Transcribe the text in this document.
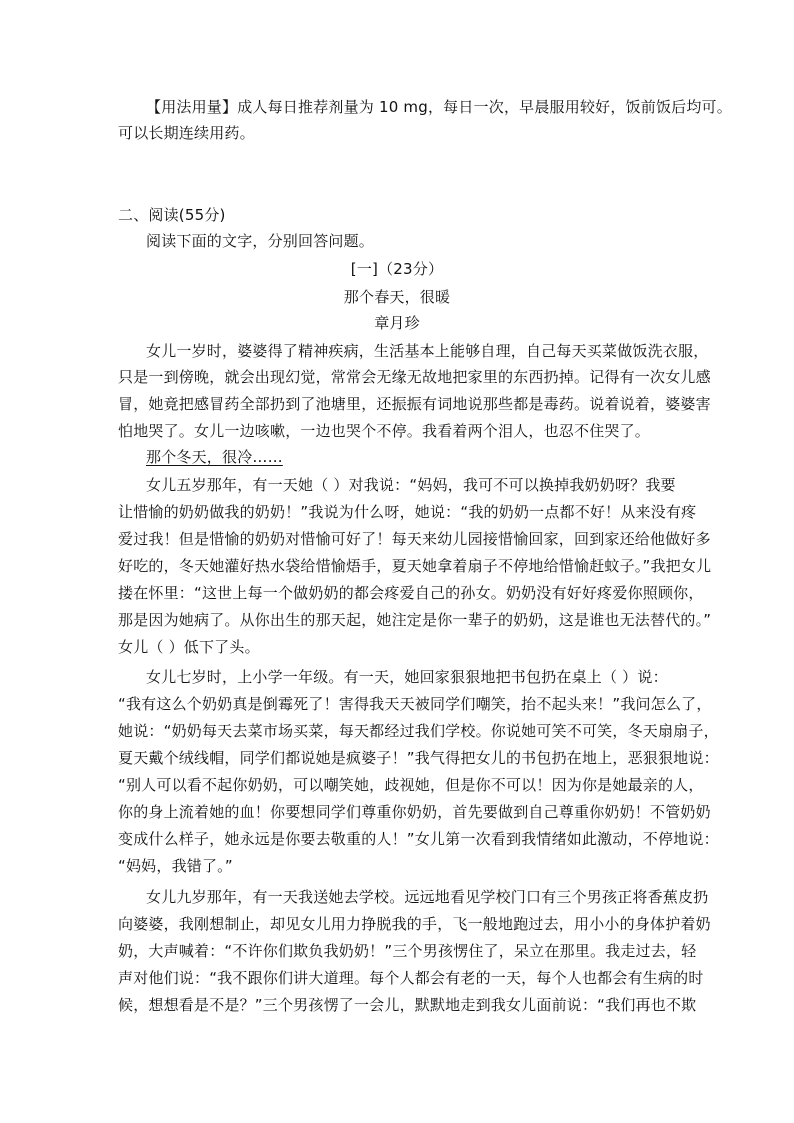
【用法用量】成人每日推荐剂量为 10 mg，每日一次，早晨服用较好，饭前饭后均可。
可以长期连续用药。
二、阅读(55分)
阅读下面的文字，分别回答问题。
[一]（23分）
那个春天，很暖
章月珍
女儿一岁时，婆婆得了精神疾病，生活基本上能够自理，自己每天买菜做饭洗衣服，
只是一到傍晚，就会出现幻觉，常常会无缘无故地把家里的东西扔掉。记得有一次女儿感
冒，她竟把感冒药全部扔到了池塘里，还振振有词地说那些都是毒药。说着说着，婆婆害
怕地哭了。女儿一边咳嗽，一边也哭个不停。我看着两个泪人，也忍不住哭了。
那个冬天，很冷……
女儿五岁那年，有一天她（ ）对我说：“妈妈，我可不可以换掉我奶奶呀？我要
让惜愉的奶奶做我的奶奶！”我说为什么呀，她说：“我的奶奶一点都不好！从来没有疼
爱过我！但是惜愉的奶奶对惜愉可好了！每天来幼儿园接惜愉回家，回到家还给他做好多
好吃的，冬天她灌好热水袋给惜愉焐手，夏天她拿着扇子不停地给惜愉赶蚊子。”我把女儿
搂在怀里：“这世上每一个做奶奶的都会疼爱自己的孙女。奶奶没有好好疼爱你照顾你，
那是因为她病了。从你出生的那天起，她注定是你一辈子的奶奶，这是谁也无法替代的。”
女儿（ ）低下了头。
女儿七岁时，上小学一年级。有一天，她回家狠狠地把书包扔在桌上（ ）说：
“我有这么个奶奶真是倒霉死了！害得我天天被同学们嘲笑，抬不起头来！”我问怎么了，
她说：“奶奶每天去菜市场买菜，每天都经过我们学校。你说她可笑不可笑，冬天扇扇子，
夏天戴个绒线帽，同学们都说她是疯婆子！”我气得把女儿的书包扔在地上，恶狠狠地说：
“别人可以看不起你奶奶，可以嘲笑她，歧视她，但是你不可以！因为你是她最亲的人，
你的身上流着她的血！你要想同学们尊重你奶奶，首先要做到自己尊重你奶奶！不管奶奶
变成什么样子，她永远是你要去敬重的人！”女儿第一次看到我情绪如此激动，不停地说：
“妈妈，我错了。”
女儿九岁那年，有一天我送她去学校。远远地看见学校门口有三个男孩正将香蕉皮扔
向婆婆，我刚想制止，却见女儿用力挣脱我的手，飞一般地跑过去，用小小的身体护着奶
奶，大声喊着：“不许你们欺负我奶奶！”三个男孩愣住了，呆立在那里。我走过去，轻
声对他们说：“我不跟你们讲大道理。每个人都会有老的一天，每个人也都会有生病的时
候，想想看是不是？”三个男孩愣了一会儿，默默地走到我女儿面前说：“我们再也不欺
